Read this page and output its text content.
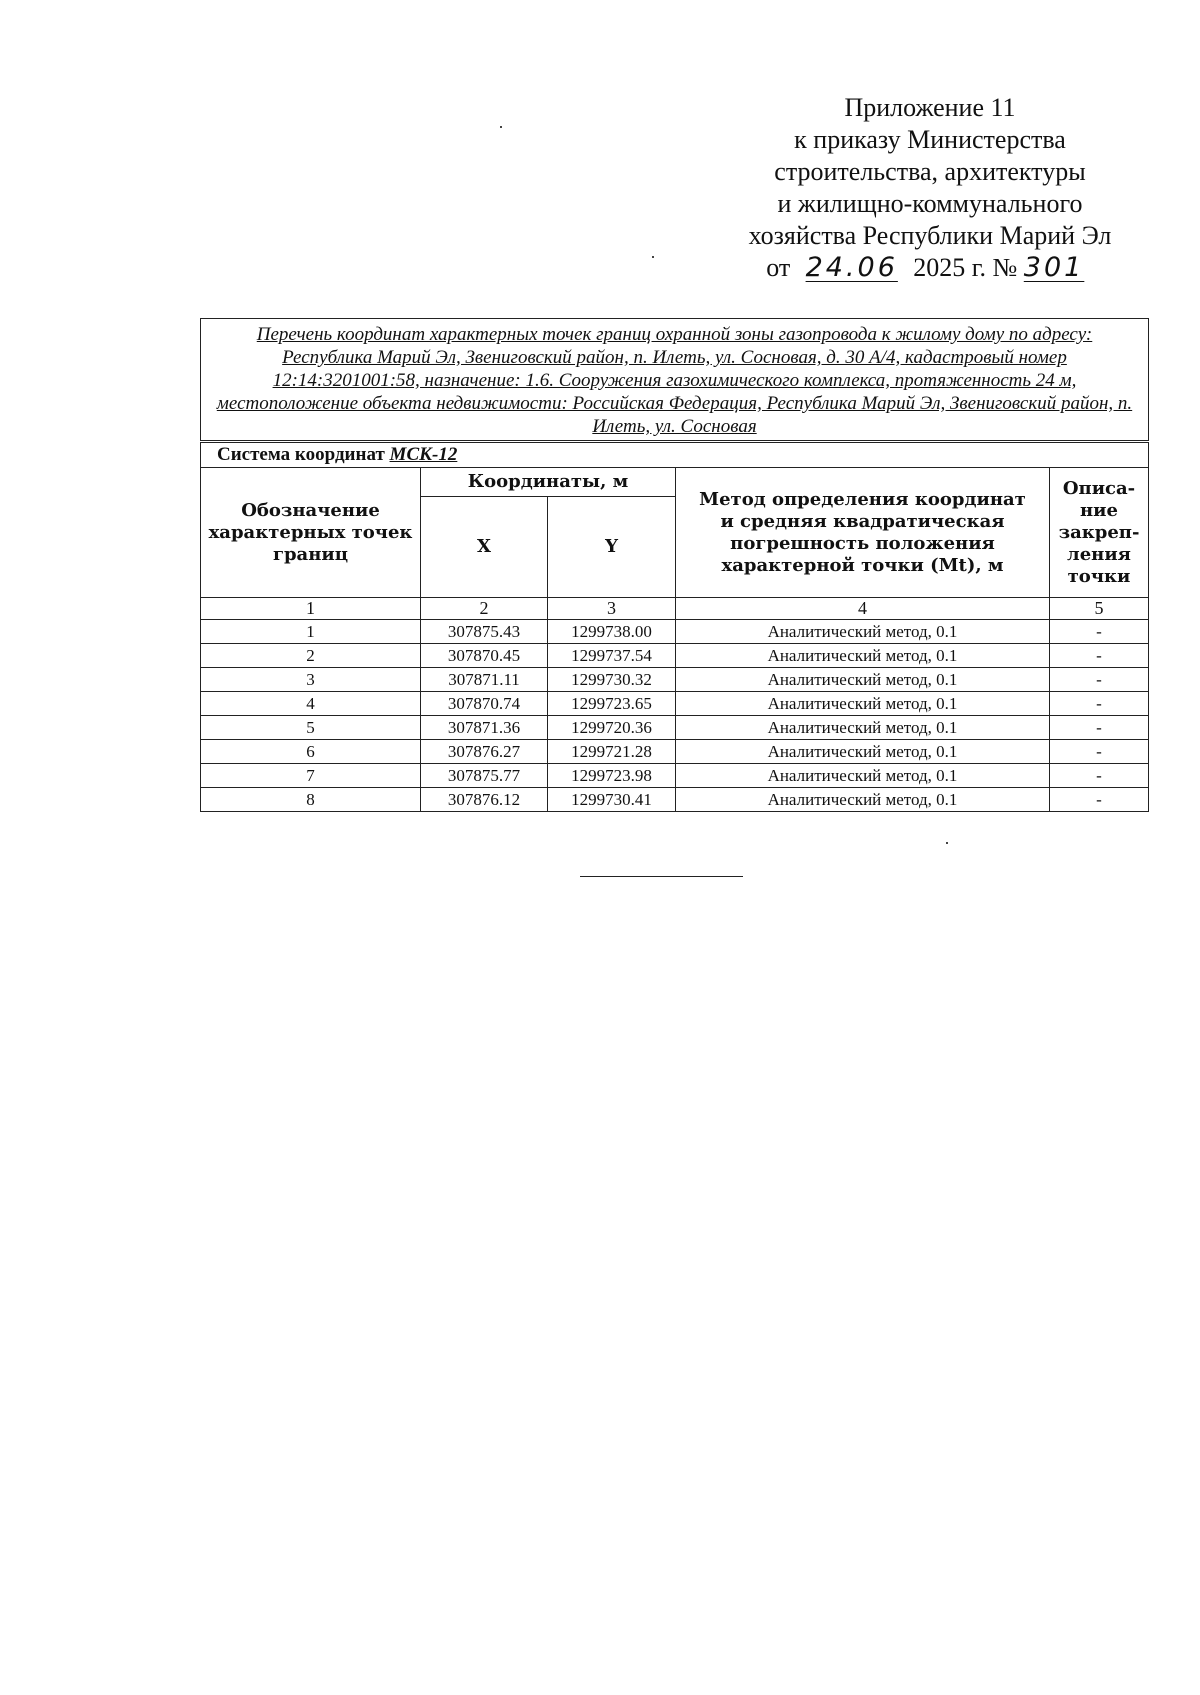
Приложение 11
к приказу Министерства
строительства, архитектуры
и жилищно-коммунального
хозяйства Республики Марий Эл
от 24.06 2025 г. № 301
Перечень координат характерных точек границ охранной зоны газопровода к жилому дому по адресу: Республика Марий Эл, Звениговский район, п. Илеть, ул. Сосновая, д. 30 А/4, кадастровый номер 12:14:3201001:58, назначение: 1.6. Сооружения газохимического комплекса, протяженность 24 м, местоположение объекта недвижимости: Российская Федерация, Республика Марий Эл, Звениговский район, п. Илеть, ул. Сосновая				
Система координат МСК-12				
Обозначение характерных точек границ	Координаты, м		Метод определения координат и средняя квадратическая погрешность положения характерной точки (Mt), м	Описа-ние закреп-ления точки
	X	Y		
1	2	3	4	5
1	307875.43	1299738.00	Аналитический метод, 0.1	-
2	307870.45	1299737.54	Аналитический метод, 0.1	-
3	307871.11	1299730.32	Аналитический метод, 0.1	-
4	307870.74	1299723.65	Аналитический метод, 0.1	-
5	307871.36	1299720.36	Аналитический метод, 0.1	-
6	307876.27	1299721.28	Аналитический метод, 0.1	-
7	307875.77	1299723.98	Аналитический метод, 0.1	-
8	307876.12	1299730.41	Аналитический метод, 0.1	-
